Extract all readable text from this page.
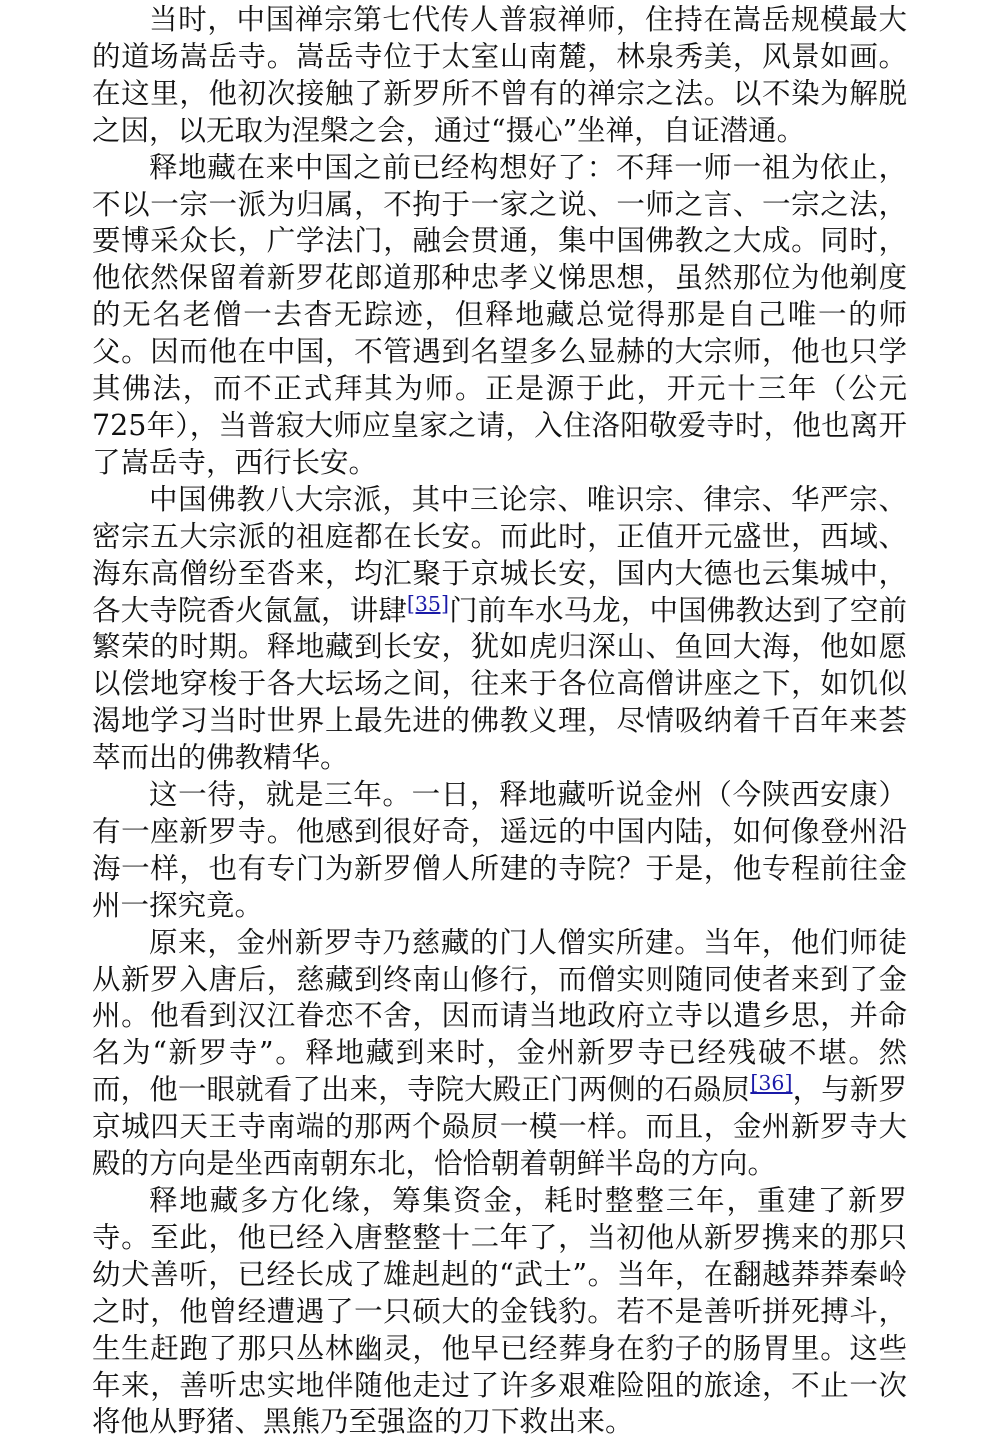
当时，中国禅宗第七代传人普寂禅师，住持在嵩岳规模最大的道场嵩岳寺。嵩岳寺位于太室山南麓，林泉秀美，风景如画。在这里，他初次接触了新罗所不曾有的禅宗之法。以不染为解脱之因，以无取为涅槃之会，通过“摄心”坐禅，自证潜通。

释地藏在来中国之前已经构想好了：不拜一师一祖为依止，不以一宗一派为归属，不拘于一家之说、一师之言、一宗之法，要博采众长，广学法门，融会贯通，集中国佛教之大成。同时，他依然保留着新罗花郎道那种忠孝义悌思想，虽然那位为他剃度的无名老僧一去杳无踪迹，但释地藏总觉得那是自己唯一的师父。因而他在中国，不管遇到名望多么显赫的大宗师，他也只学其佛法，而不正式拜其为师。正是源于此，开元十三年（公元725年），当普寂大师应皇家之请，入住洛阳敬爱寺时，他也离开了嵩岳寺，西行长安。

中国佛教八大宗派，其中三论宗、唯识宗、律宗、华严宗、密宗五大宗派的祖庭都在长安。而此时，正值开元盛世，西域、海东高僧纷至沓来，均汇聚于京城长安，国内大德也云集城中，各大寺院香火氤氲，讲肆[35]门前车水马龙，中国佛教达到了空前繁荣的时期。释地藏到长安，犹如虎归深山、鱼回大海，他如愿以偿地穿梭于各大坛场之间，往来于各位高僧讲座之下，如饥似渴地学习当时世界上最先进的佛教义理，尽情吸纳着千百年来荟萃而出的佛教精华。

这一待，就是三年。一日，释地藏听说金州（今陕西安康）有一座新罗寺。他感到很好奇，遥远的中国内陆，如何像登州沿海一样，也有专门为新罗僧人所建的寺院？于是，他专程前往金州一探究竟。

原来，金州新罗寺乃慈藏的门人僧实所建。当年，他们师徒从新罗入唐后，慈藏到终南山修行，而僧实则随同使者来到了金州。他看到汉江眷恋不舍，因而请当地政府立寺以遣乡思，并命名为“新罗寺”。释地藏到来时，金州新罗寺已经残破不堪。然而，他一眼就看了出来，寺院大殿正门两侧的石赑屃[36]，与新罗京城四天王寺南端的那两个赑屃一模一样。而且，金州新罗寺大殿的方向是坐西南朝东北，恰恰朝着朝鲜半岛的方向。

释地藏多方化缘，筹集资金，耗时整整三年，重建了新罗寺。至此，他已经入唐整整十二年了，当初他从新罗携来的那只幼犬善听，已经长成了雄赳赳的“武士”。当年，在翻越莽莽秦岭之时，他曾经遭遇了一只硕大的金钱豹。若不是善听拼死搏斗，生生赶跑了那只丛林幽灵，他早已经葬身在豹子的肠胃里。这些年来，善听忠实地伴随他走过了许多艰难险阻的旅途，不止一次将他从野猪、黑熊乃至强盗的刀下救出来。
